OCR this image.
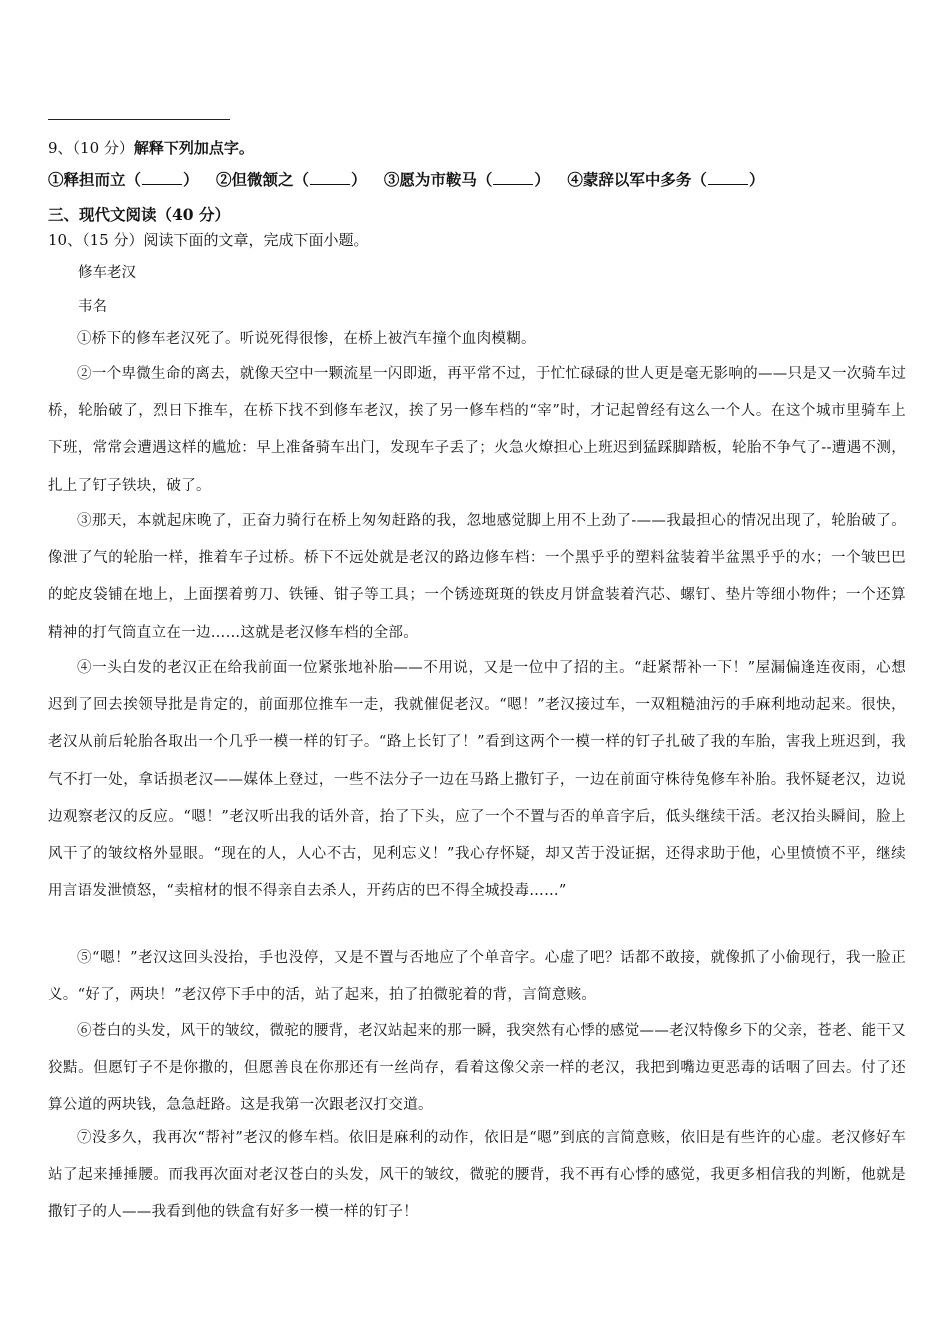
9、（10 分）解释下列加点字。
①释担而立（	） ②但微颔之（	） ③愿为市鞍马（	） ④蒙辞以军中多务（	）
三、现代文阅读（40 分）
10、（15 分）阅读下面的文章，完成下面小题。
修车老汉
韦名

①桥下的修车老汉死了。听说死得很惨，在桥上被汽车撞个血肉模糊。

②一个卑微生命的离去，就像天空中一颗流星一闪即逝，再平常不过，于忙忙碌碌的世人更是毫无影响的——只是又一次骑车过桥，轮胎破了，烈日下推车，在桥下找不到修车老汉，挨了另一修车档的“宰”时，才记起曾经有这么一个人。在这个城市里骑车上下班，常常会遭遇这样的尴尬：早上准备骑车出门，发现车子丢了；火急火燎担心上班迟到猛踩脚踏板，轮胎不争气了--遭遇不测，扎上了钉子铁块，破了。

③那天，本就起床晚了，正奋力骑行在桥上匆匆赶路的我，忽地感觉脚上用不上劲了-——我最担心的情况出现了，轮胎破了。像泄了气的轮胎一样，推着车子过桥。桥下不远处就是老汉的路边修车档：一个黑乎乎的塑料盆装着半盆黑乎乎的水；一个皱巴巴的蛇皮袋铺在地上，上面摆着剪刀、铁锤、钳子等工具；一个锈迹斑斑的铁皮月饼盒装着汽芯、螺钉、垫片等细小物件；一个还算精神的打气筒直立在一边……这就是老汉修车档的全部。

④一头白发的老汉正在给我前面一位紧张地补胎——不用说，又是一位中了招的主。“赶紧帮补一下！”屋漏偏逢连夜雨，心想迟到了回去挨领导批是肯定的，前面那位推车一走，我就催促老汉。“嗯！”老汉接过车，一双粗糙油污的手麻利地动起来。很快，老汉从前后轮胎各取出一个几乎一模一样的钉子。“路上长钉了！”看到这两个一模一样的钉子扎破了我的车胎，害我上班迟到，我气不打一处，拿话损老汉——媒体上登过，一些不法分子一边在马路上撒钉子，一边在前面守株待兔修车补胎。我怀疑老汉，边说边观察老汉的反应。“嗯！”老汉听出我的话外音，抬了下头，应了一个不置与否的单音字后，低头继续干活。老汉抬头瞬间，脸上风干了的皱纹格外显眼。“现在的人，人心不古，见利忘义！”我心存怀疑，却又苦于没证据，还得求助于他，心里愤愤不平，继续用言语发泄愤怒，“卖棺材的恨不得亲自去杀人，开药店的巴不得全城投毒……”

⑤“嗯！”老汉这回头没抬，手也没停，又是不置与否地应了个单音字。心虚了吧？话都不敢接，就像抓了小偷现行，我一脸正义。“好了，两块！”老汉停下手中的活，站了起来，拍了拍微驼着的背，言简意赅。

⑥苍白的头发，风干的皱纹，微驼的腰背，老汉站起来的那一瞬，我突然有心悸的感觉——老汉特像乡下的父亲，苍老、能干又狡黠。但愿钉子不是你撒的，但愿善良在你那还有一丝尚存，看着这像父亲一样的老汉，我把到嘴边更恶毒的话咽了回去。付了还算公道的两块钱，急急赶路。这是我第一次跟老汉打交道。

⑦没多久，我再次“帮衬”老汉的修车档。依旧是麻利的动作，依旧是“嗯”到底的言简意赅，依旧是有些许的心虚。老汉修好车站了起来捶捶腰。而我再次面对老汉苍白的头发，风干的皱纹，微驼的腰背，我不再有心悸的感觉，我更多相信我的判断，他就是撒钉子的人——我看到他的铁盒有好多一模一样的钉子！
